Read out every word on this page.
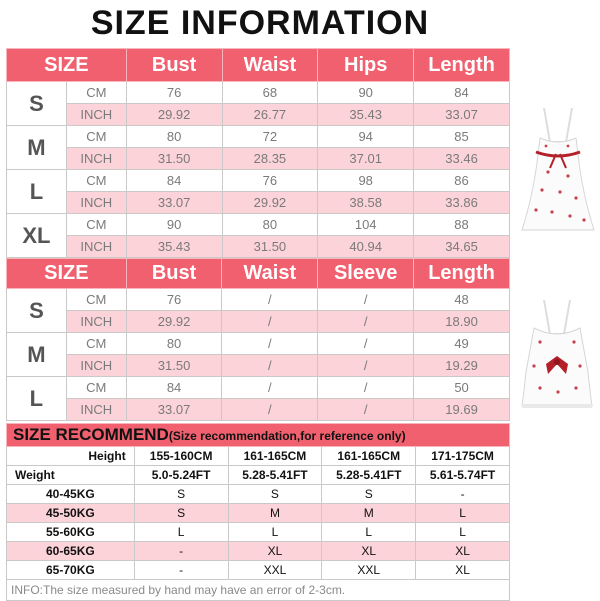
SIZE INFORMATION
SIZE		Bust	Waist	Hips	Length
S	CM	76	68	90	84
	INCH	29.92	26.77	35.43	33.07
M	CM	80	72	94	85
	INCH	31.50	28.35	37.01	33.46
L	CM	84	76	98	86
	INCH	33.07	29.92	38.58	33.86
XL	CM	90	80	104	88
	INCH	35.43	31.50	40.94	34.65
SIZE		Bust	Waist	Sleeve	Length
S	CM	76	/	/	48
	INCH	29.92	/	/	18.90
M	CM	80	/	/	49
	INCH	31.50	/	/	19.29
L	CM	84	/	/	50
	INCH	33.07	/	/	19.69
SIZE RECOMMEND(Size recommendation,for reference only)				
Height	155-160CM	161-165CM	161-165CM	171-175CM
Weight	5.0-5.24FT	5.28-5.41FT	5.28-5.41FT	5.61-5.74FT
40-45KG	S	S	S	-
45-50KG	S	M	M	L
55-60KG	L	L	L	L
60-65KG	-	XL	XL	XL
65-70KG	-	XXL	XXL	XL
INFO:The size measured by hand may have an error of 2-3cm.				
